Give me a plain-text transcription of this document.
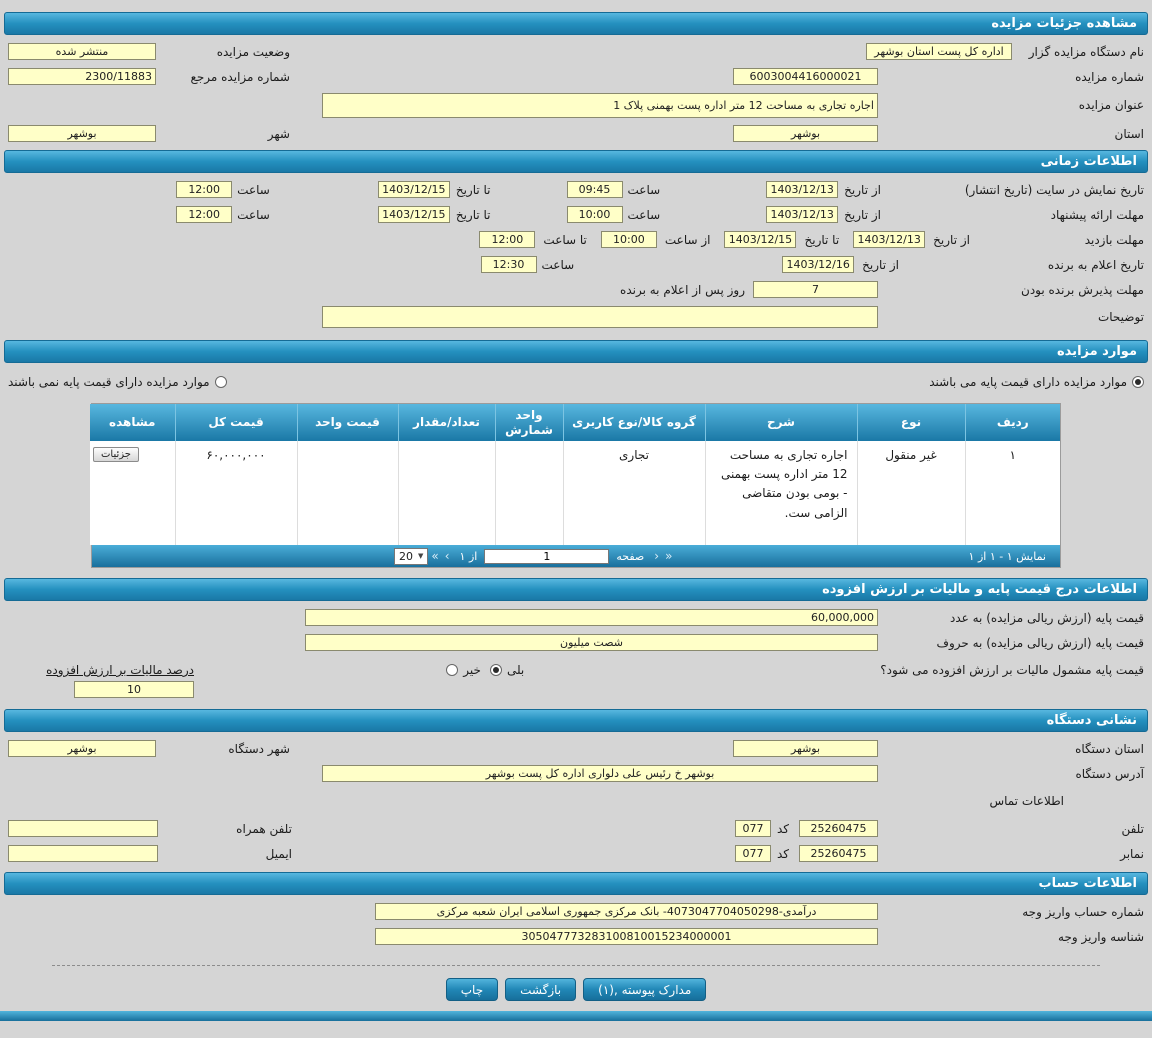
مشاهده جزئیات مزایده
نام دستگاه مزایده گزار
اداره کل پست استان بوشهر
وضعیت مزایده
منتشر شده
شماره مزایده
6003004416000021
شماره مزایده مرجع
2300/11883
عنوان مزایده
اجاره تجاری به مساحت 12 متر اداره پست بهمنی پلاک 1
استان
بوشهر
شهر
بوشهر
اطلاعات زمانی
تاریخ نمایش در سایت (تاریخ انتشار)
از تاریخ
1403/12/13
ساعت
09:45
تا تاریخ
1403/12/15
ساعت
12:00
مهلت ارائه پیشنهاد
از تاریخ
1403/12/13
ساعت
10:00
تا تاریخ
1403/12/15
ساعت
12:00
مهلت بازدید
از تاریخ
1403/12/13
تا تاریخ
1403/12/15
از ساعت
10:00
تا ساعت
12:00
تاریخ اعلام به برنده
از تاریخ
1403/12/16
ساعت
12:30
مهلت پذیرش برنده بودن
7
روز پس از اعلام به برنده
توضیحات
موارد مزایده
موارد مزایده دارای قیمت پایه می باشند
موارد مزایده دارای قیمت پایه نمی باشند
ردیف	نوع	شرح	گروه کالا/نوع کاربری	واحد شمارش	تعداد/مقدار	قیمت واحد	قیمت کل	مشاهده
۱	غیر منقول	اجاره تجاری به مساحت 12 متر اداره پست بهمنی - بومی بودن متقاضی الزامی ست.	تجاری				۶۰,۰۰۰,۰۰۰	جزئیات
20 ▼ « ‹ از ۱
1	صفحه › »	نمایش ۱ - ۱ از ۱
اطلاعات درج قیمت پایه و مالیات بر ارزش افزوده
قیمت پایه (ارزش ریالی مزایده) به عدد
60,000,000
قیمت پایه (ارزش ریالی مزایده) به حروف
شصت میلیون
قیمت پایه مشمول مالیات بر ارزش افزوده می شود؟
بلی
خیر
درصد مالیات بر ارزش افزوده
10
نشانی دستگاه
استان دستگاه
بوشهر
شهر دستگاه
بوشهر
آدرس دستگاه
بوشهر خ رئیس علی دلواری اداره کل پست بوشهر
اطلاعات تماس
تلفن
25260475
کد
077
تلفن همراه
نمابر
25260475
کد
077
ایمیل
اطلاعات حساب
شماره حساب واریز وجه
درآمدی-4073047704050298- بانک مرکزی جمهوری اسلامی ایران شعبه مرکزی
شناسه واریز وجه
305047773283100810015234000001
مدارک پیوسته ,(۱)
بازگشت
چاپ
